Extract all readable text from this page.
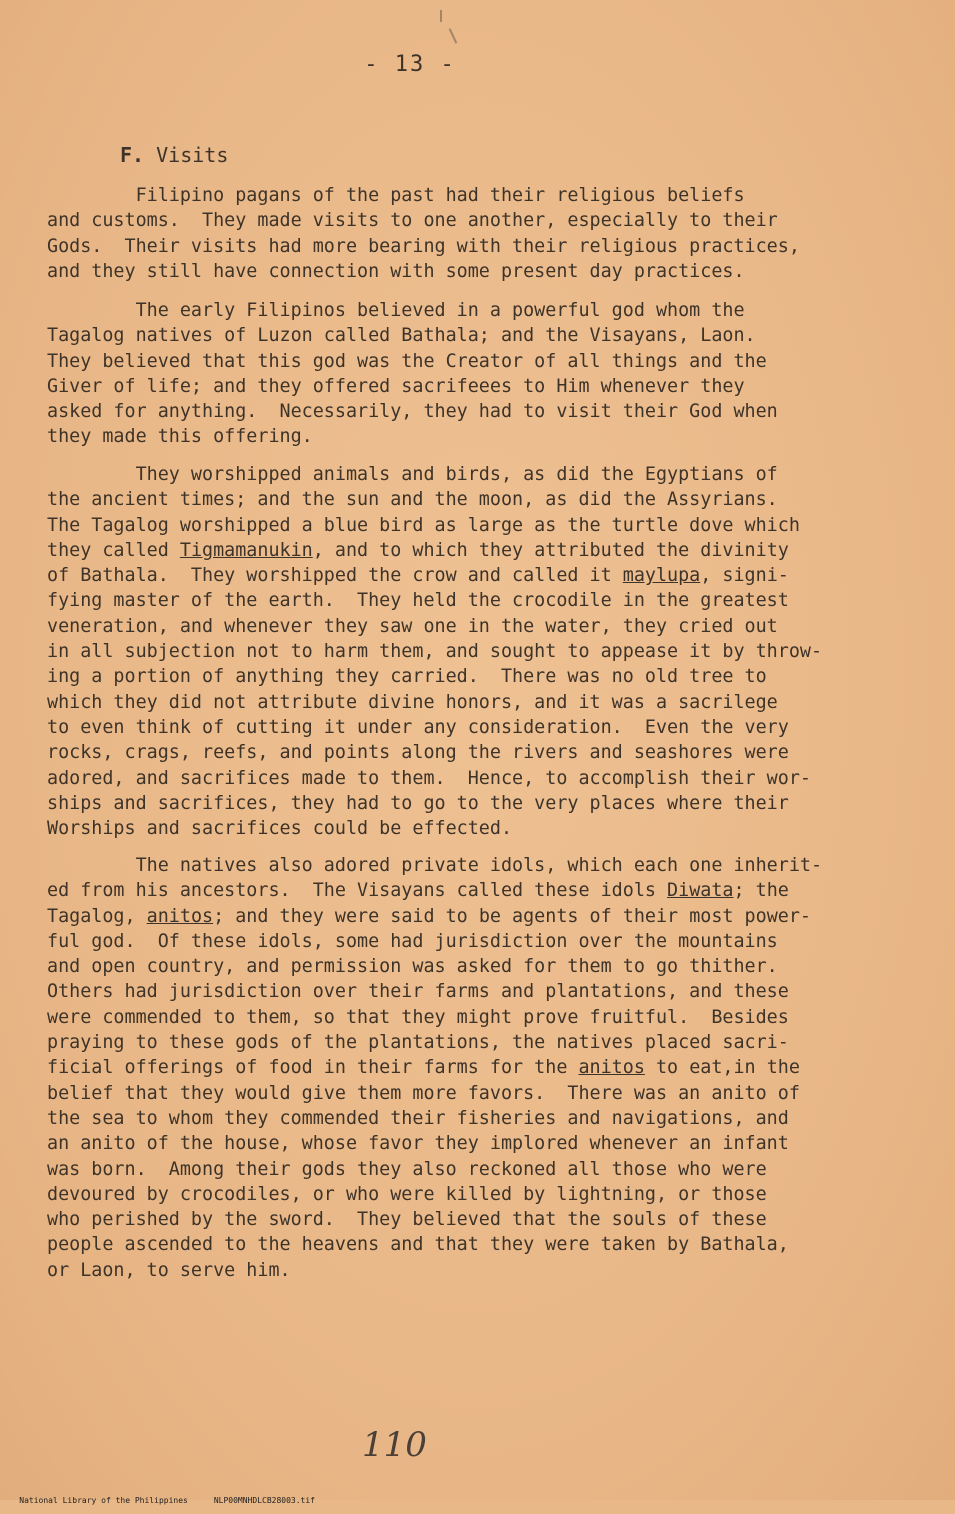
- 13 -
F. Visits
Filipino pagans of the past had their religious beliefs
and customs.  They made visits to one another, especially to their
Gods.  Their visits had more bearing with their religious practices,
and they still have connection with some present day practices.
The early Filipinos believed in a powerful god whom the
Tagalog natives of Luzon called Bathala; and the Visayans, Laon.
They believed that this god was the Creator of all things and the
Giver of life; and they offered sacrifeees to Him whenever they
asked for anything.  Necessarily, they had to visit their God when
they made this offering.
They worshipped animals and birds, as did the Egyptians of
the ancient times; and the sun and the moon, as did the Assyrians.
The Tagalog worshipped a blue bird as large as the turtle dove which
they called Tigmamanukin, and to which they attributed the divinity
of Bathala.  They worshipped the crow and called it maylupa, signi-
fying master of the earth.  They held the crocodile in the greatest
veneration, and whenever they saw one in the water, they cried out
in all subjection not to harm them, and sought to appease it by throw-
ing a portion of anything they carried.  There was no old tree to
which they did not attribute divine honors, and it was a sacrilege
to even think of cutting it under any consideration.  Even the very
rocks, crags, reefs, and points along the rivers and seashores were
adored, and sacrifices made to them.  Hence, to accomplish their wor-
ships and sacrifices, they had to go to the very places where their
Worships and sacrifices could be effected.
The natives also adored private idols, which each one inherit-
ed from his ancestors.  The Visayans called these idols Diwata; the
Tagalog, anitos; and they were said to be agents of their most power-
ful god.  Of these idols, some had jurisdiction over the mountains
and open country, and permission was asked for them to go thither.
Others had jurisdiction over their farms and plantations, and these
were commended to them, so that they might prove fruitful.  Besides
praying to these gods of the plantations, the natives placed sacri-
ficial offerings of food in their farms for the anitos to eat,in the
belief that they would give them more favors.  There was an anito of
the sea to whom they commended their fisheries and navigations, and
an anito of the house, whose favor they implored whenever an infant
was born.  Among their gods they also reckoned all those who were
devoured by crocodiles, or who were killed by lightning, or those
who perished by the sword.  They believed that the souls of these
people ascended to the heavens and that they were taken by Bathala,
or Laon, to serve him.
110

National Library of the Philippines	NLP00MNHDLCB28003.tif
